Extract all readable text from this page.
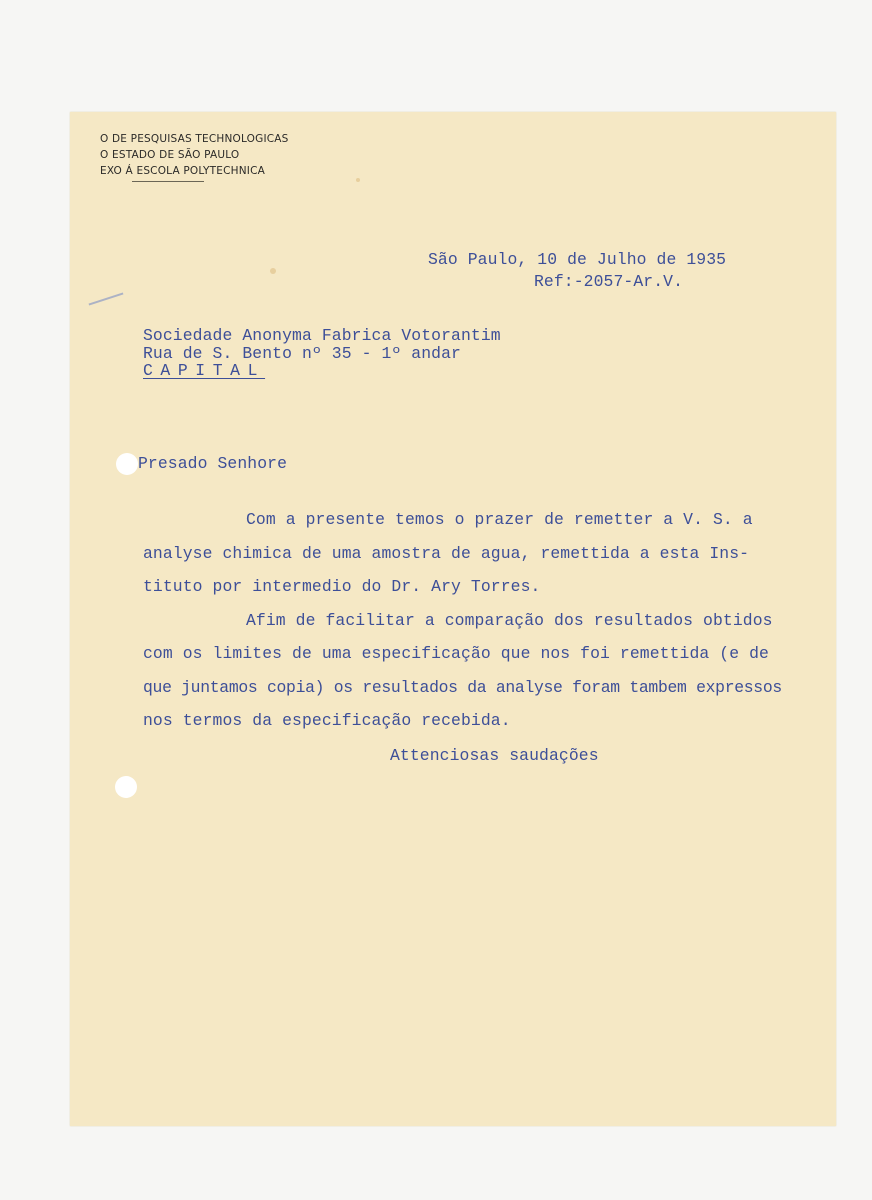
O DE PESQUISAS TECHNOLOGICAS
O ESTADO DE SÃO PAULO
EXO Á ESCOLA POLYTECHNICA
São Paulo, 10 de Julho de 1935
Ref:-2057-Ar.V.
Sociedade Anonyma Fabrica Votorantim
Rua de S. Bento nº 35 - 1º andar
CAPITAL
Presado Senhore
Com a presente temos o prazer de remetter a V. S. a
analyse chimica de uma amostra de agua, remettida a esta Ins-
tituto por intermedio do Dr. Ary Torres.
Afim de facilitar a comparação dos resultados obtidos
com os limites de uma especificação que nos foi remettida (e de
que juntamos copia) os resultados da analyse foram tambem expressos
nos termos da especificação recebida.
Attenciosas saudações
